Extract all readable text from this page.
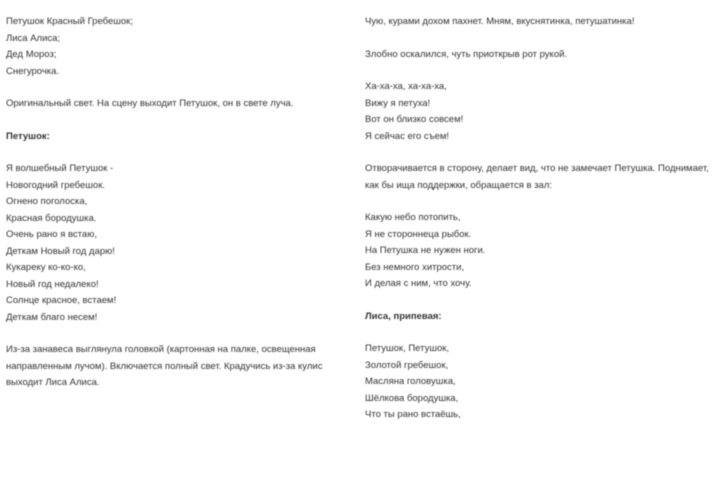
Петушок Красный Гребешок;
Лиса Алиса;
Дед Мороз;
Снегурочка.

Оригинальный свет. На сцену выходит Петушок, он в свете луча.

Петушок:

Я волшебный Петушок -
Новогодний гребешок.
Огнено поголоска,
Красная бородушка.
Очень рано я встаю,
Деткам Новый год дарю!
Кукареку ко-ко-ко,
Новый год недалеко!
Солнце красное, встаем!
Деткам благо несем!

Из-за занавеса выглянула головкой (картонная на палке, освещенная направленным лучом). Включается полный свет. Крадучись из-за кулис выходит Лиса Алиса.

Чую, курами дохом пахнет. Мням, вкуснятинка, петушатинка!

Злобно оскалился, чуть приоткрыв рот рукой.

Ха-ха-ха, ха-ха-ха,
Вижу я петуха!
Вот он близко совсем!
Я сейчас его съем!

Отворачивается в сторону, делает вид, что не замечает Петушка. Поднимает, как бы ища поддержки, обращается в зал:

Какую небо потопить,
Я не стороннеца рыбок.
На Петушка не нужен ноги.
Без немного хитрости,
И делая с ним, что хочу.

Лиса, припевая:

Петушок, Петушок,
Золотой гребешок,
Масляна головушка,
Шёлкова бородушка,
Что ты рано встаёшь,
